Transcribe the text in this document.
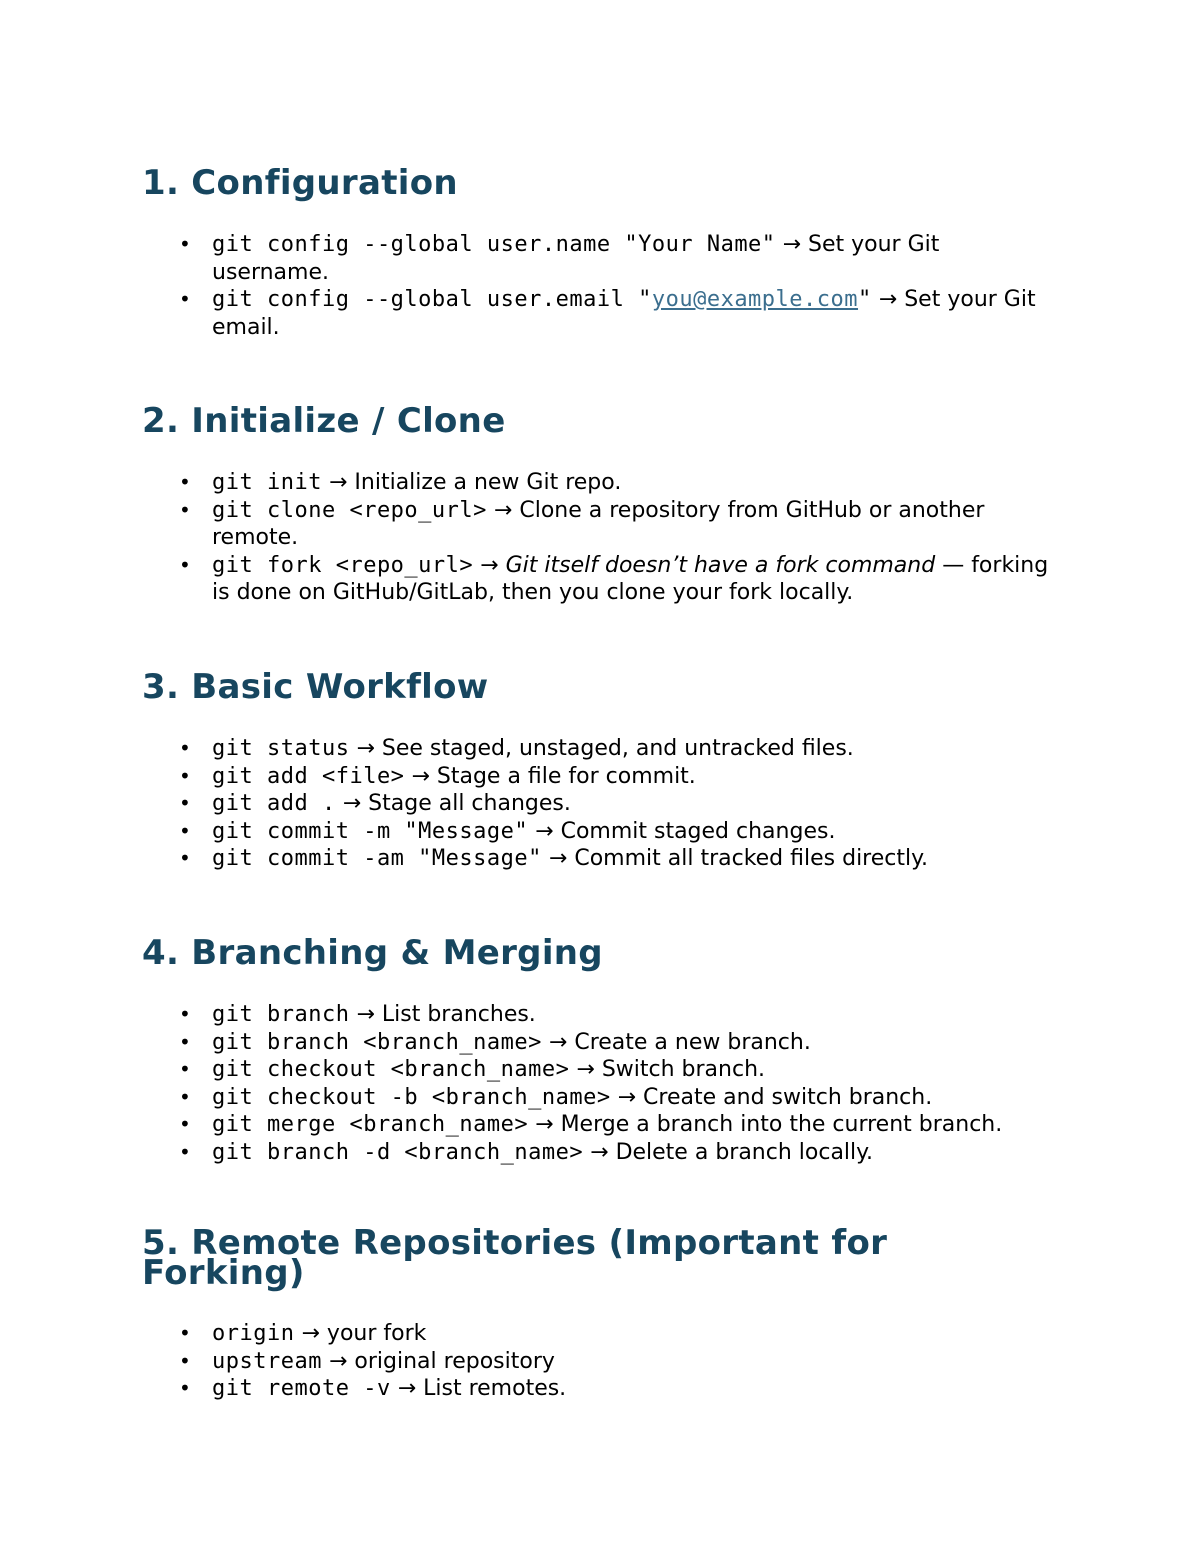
1. Configuration
• git config --global user.name "Your Name" → Set your Git username.
• git config --global user.email "you@example.com" → Set your Git email.
2. Initialize / Clone
• git init → Initialize a new Git repo.
• git clone <repo_url> → Clone a repository from GitHub or another remote.
• git fork <repo_url> → Git itself doesn’t have a fork command — forking is done on GitHub/GitLab, then you clone your fork locally.
3. Basic Workflow
• git status → See staged, unstaged, and untracked files.
• git add <file> → Stage a file for commit.
• git add . → Stage all changes.
• git commit -m "Message" → Commit staged changes.
• git commit -am "Message" → Commit all tracked files directly.
4. Branching & Merging
• git branch → List branches.
• git branch <branch_name> → Create a new branch.
• git checkout <branch_name> → Switch branch.
• git checkout -b <branch_name> → Create and switch branch.
• git merge <branch_name> → Merge a branch into the current branch.
• git branch -d <branch_name> → Delete a branch locally.
5. Remote Repositories (Important for Forking)
• origin → your fork
• upstream → original repository
• git remote -v → List remotes.
